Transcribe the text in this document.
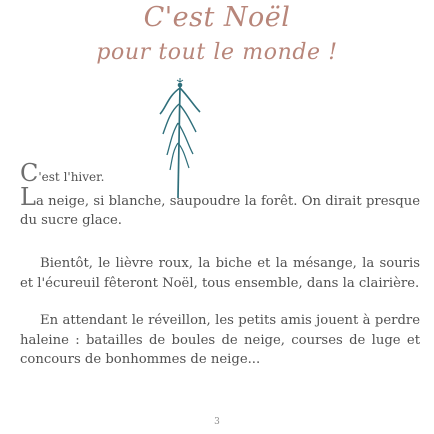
C'est Noël
pour tout le monde !
C'est l'hiver.
La neige, si blanche, saupoudre la forêt. On dirait presque du sucre glace.
Bientôt, le lièvre roux, la biche et la mésange, la souris et l'écureuil fêteront Noël, tous ensemble, dans la clairière.
En attendant le réveillon, les petits amis jouent à perdre haleine : batailles de boules de neige, courses de luge et concours de bonhommes de neige...
3
